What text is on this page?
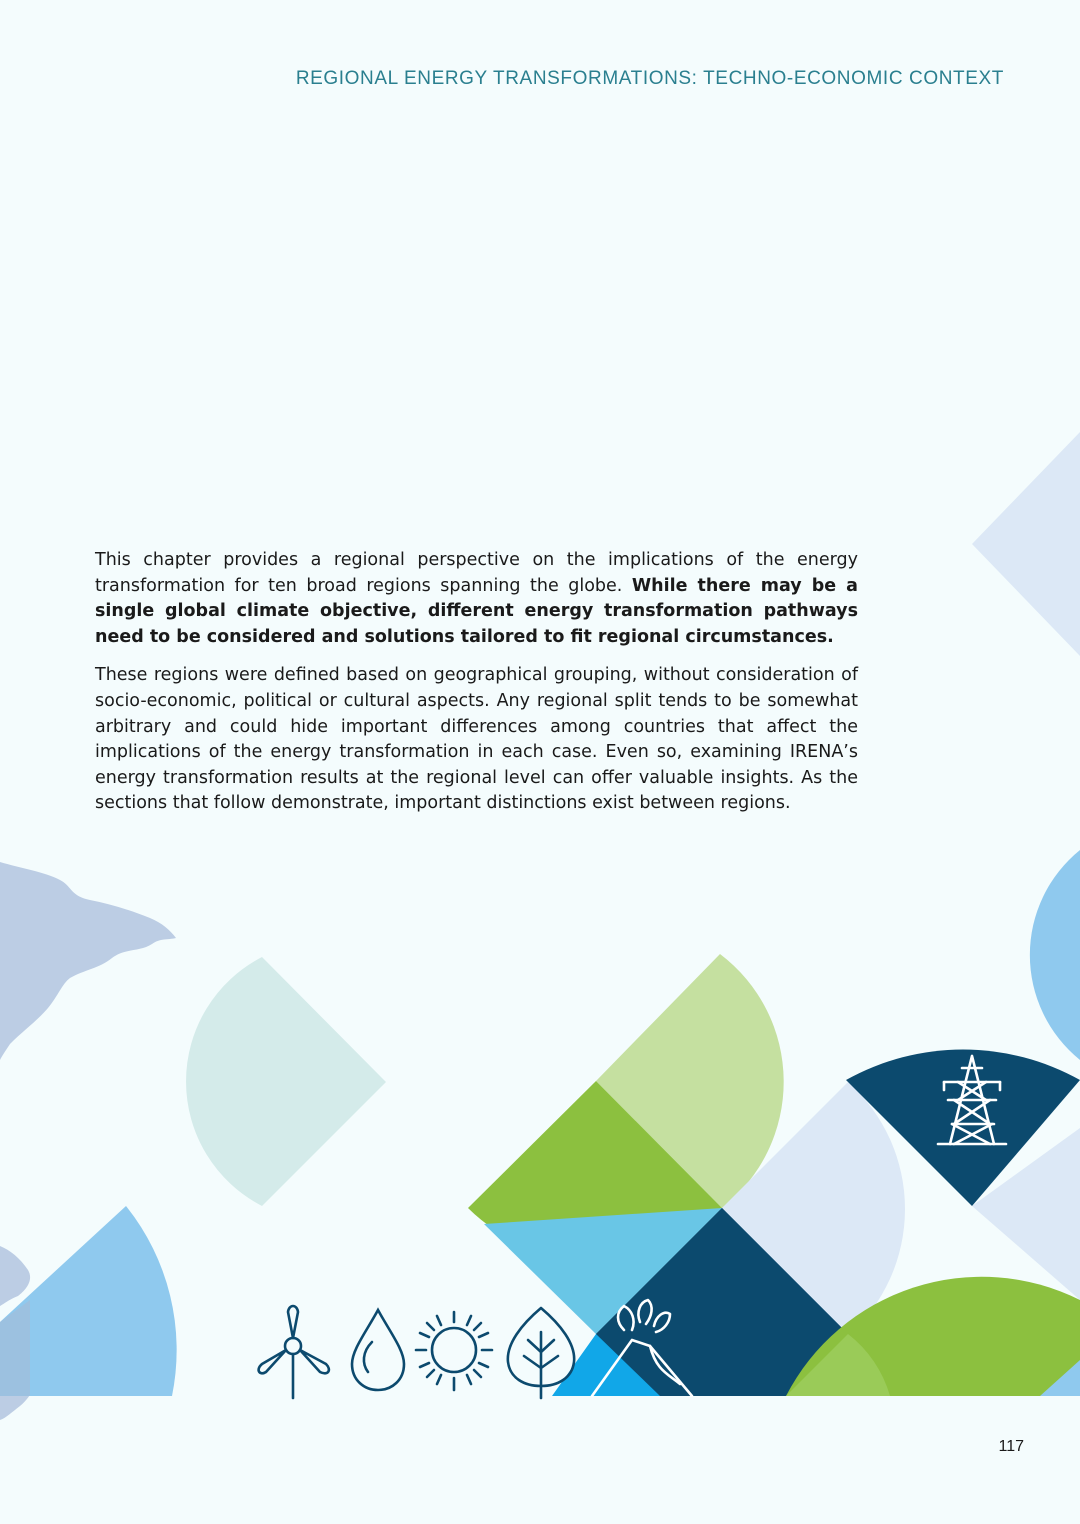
REGIONAL ENERGY TRANSFORMATIONS: TECHNO-ECONOMIC CONTEXT

This chapter provides a regional perspective on the implications of the energy transformation for ten broad regions spanning the globe. While there may be a single global climate objective, different energy transformation pathways need to be considered and solutions tailored to fit regional circumstances.

These regions were defined based on geographical grouping, without consideration of socio-economic, political or cultural aspects. Any regional split tends to be somewhat arbitrary and could hide important differences among countries that affect the implications of the energy transformation in each case. Even so, examining IRENA’s energy transformation results at the regional level can offer valuable insights. As the sections that follow demonstrate, important distinctions exist between regions.

117
